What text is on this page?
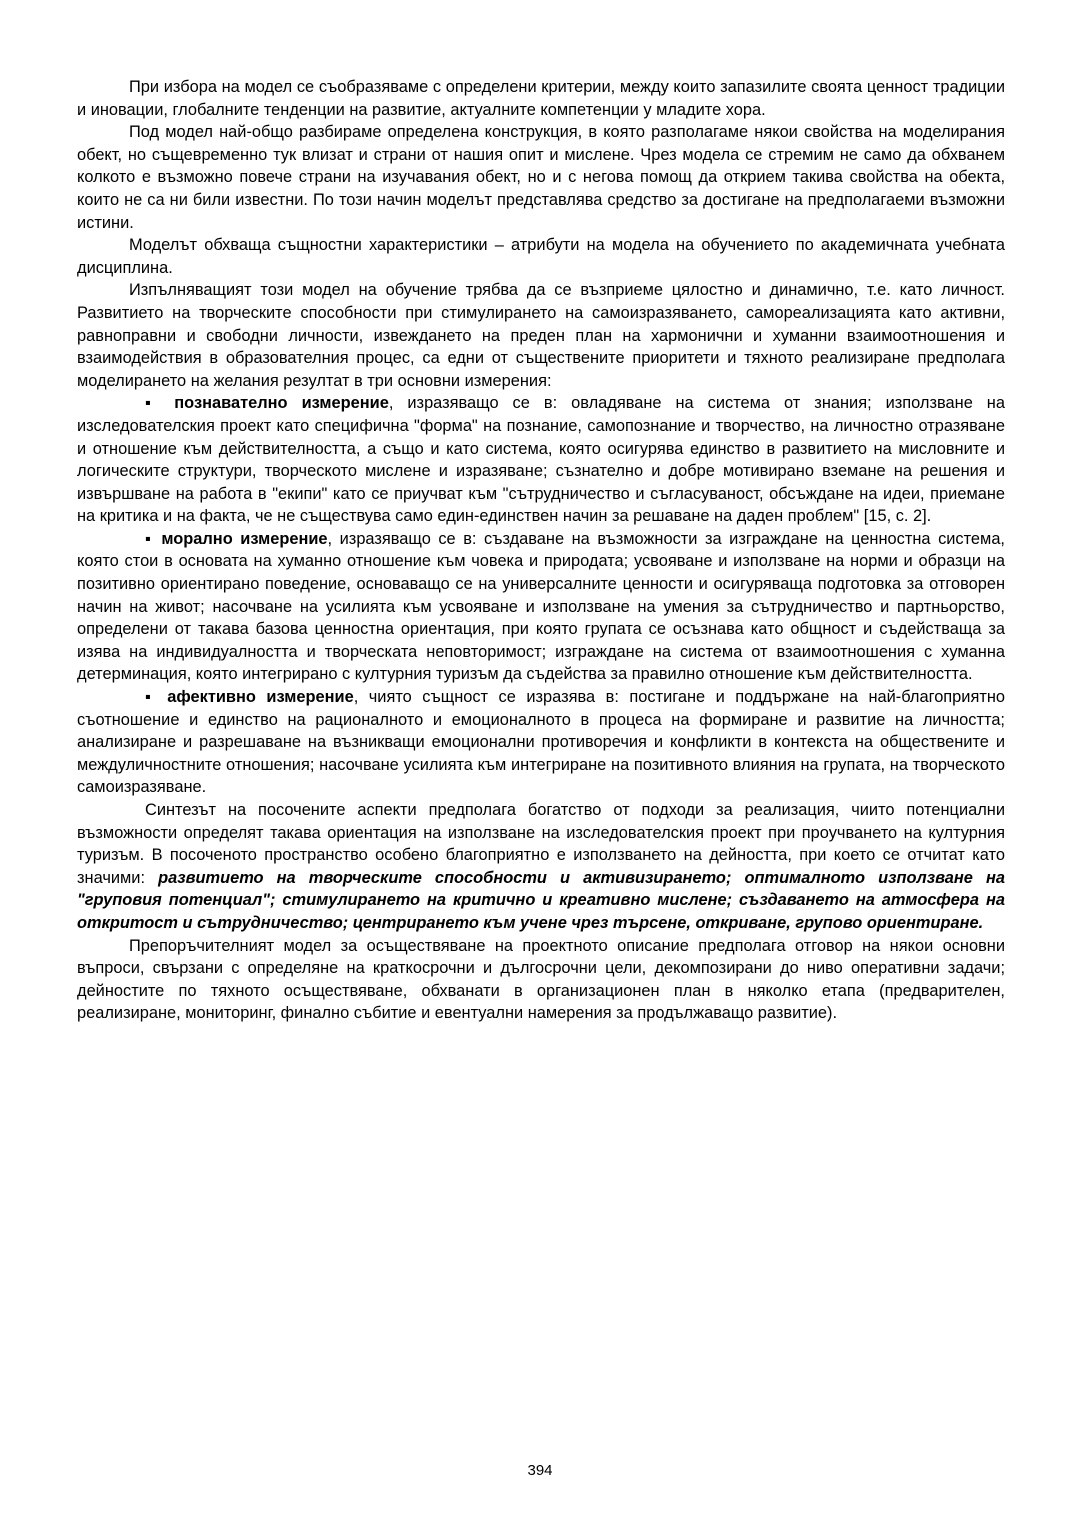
При избора на модел се съобразяваме с определени критерии, между които запазилите своята ценност традиции и иновации, глобалните тенденции на развитие, актуалните компетенции у младите хора.

Под модел най-общо разбираме определена конструкция, в която разполагаме някои свойства на моделирания обект, но същевременно тук влизат и страни от нашия опит и мислене. Чрез модела се стремим не само да обхванем колкото е възможно повече страни на изучавания обект, но и с негова помощ да открием такива свойства на обекта, които не са ни били известни. По този начин моделът представлява средство за достигане на предполагаеми възможни истини.

Моделът обхваща същностни характеристики – атрибути на модела на обучението по академичната учебната дисциплина.

Изпълняващият този модел на обучение трябва да се възприеме цялостно и динамично, т.е. като личност. Развитието на творческите способности при стимулирането на самоизразяването, самореализацията като активни, равноправни и свободни личности, извеждането на преден план на хармонични и хуманни взаимоотношения и взаимодействия в образователния процес, са едни от съществените приоритети и тяхното реализиране предполага моделирането на желания резултат в три основни измерения:

▪ познавателно измерение, изразяващо се в: овладяване на система от знания; използване на изследователския проект като специфична "форма" на познание, самопознание и творчество, на личностно отразяване и отношение към действителността, а също и като система, която осигурява единство в развитието на мисловните и логическите структури, творческото мислене и изразяване; съзнателно и добре мотивирано вземане на решения и извършване на работа в "екипи" като се приучват към "сътрудничество и съгласуваност, обсъждане на идеи, приемане на критика и на факта, че не съществува само един-единствен начин за решаване на даден проблем" [15, с. 2].

▪ морално измерение, изразяващо се в: създаване на възможности за изграждане на ценностна система, която стои в основата на хуманно отношение към човека и природата; усвояване и използване на норми и образци на позитивно ориентирано поведение, основаващо се на универсалните ценности и осигуряваща подготовка за отговорен начин на живот; насочване на усилията към усвояване и използване на умения за сътрудничество и партньорство, определени от такава базова ценностна ориентация, при която групата се осъзнава като общност и съдействаща за изява на индивидуалността и творческата неповторимост; изграждане на система от взаимоотношения с хуманна детерминация, която интегрирано с културния туризъм да съдейства за правилно отношение към действителността.

▪ афективно измерение, чиято същност се изразява в: постигане и поддържане на най-благоприятно съотношение и единство на рационалното и емоционалното в процеса на формиране и развитие на личността; анализиране и разрешаване на възникващи емоционални противоречия и конфликти в контекста на обществените и междуличностните отношения; насочване усилията към интегриране на позитивното влияния на групата, на творческото самоизразяване.

Синтезът на посочените аспекти предполага богатство от подходи за реализация, чиито потенциални възможности определят такава ориентация на използване на изследователския проект при проучването на културния туризъм. В посоченото пространство особено благоприятно е използването на дейността, при което се отчитат като значими: развитието на творческите способности и активизирането; оптималното използване на "груповия потенциал"; стимулирането на критично и креативно мислене; създаването на атмосфера на откритост и сътрудничество; центрирането към учене чрез търсене, откриване, групово ориентиране.

Препоръчителният модел за осъществяване на проектното описание предполага отговор на някои основни въпроси, свързани с определяне на краткосрочни и дългосрочни цели, декомпозирани до ниво оперативни задачи; дейностите по тяхното осъществяване, обхванати в организационен план в няколко етапа (предварителен, реализиране, мониторинг, финално събитие и евентуални намерения за продължаващо развитие).

394
